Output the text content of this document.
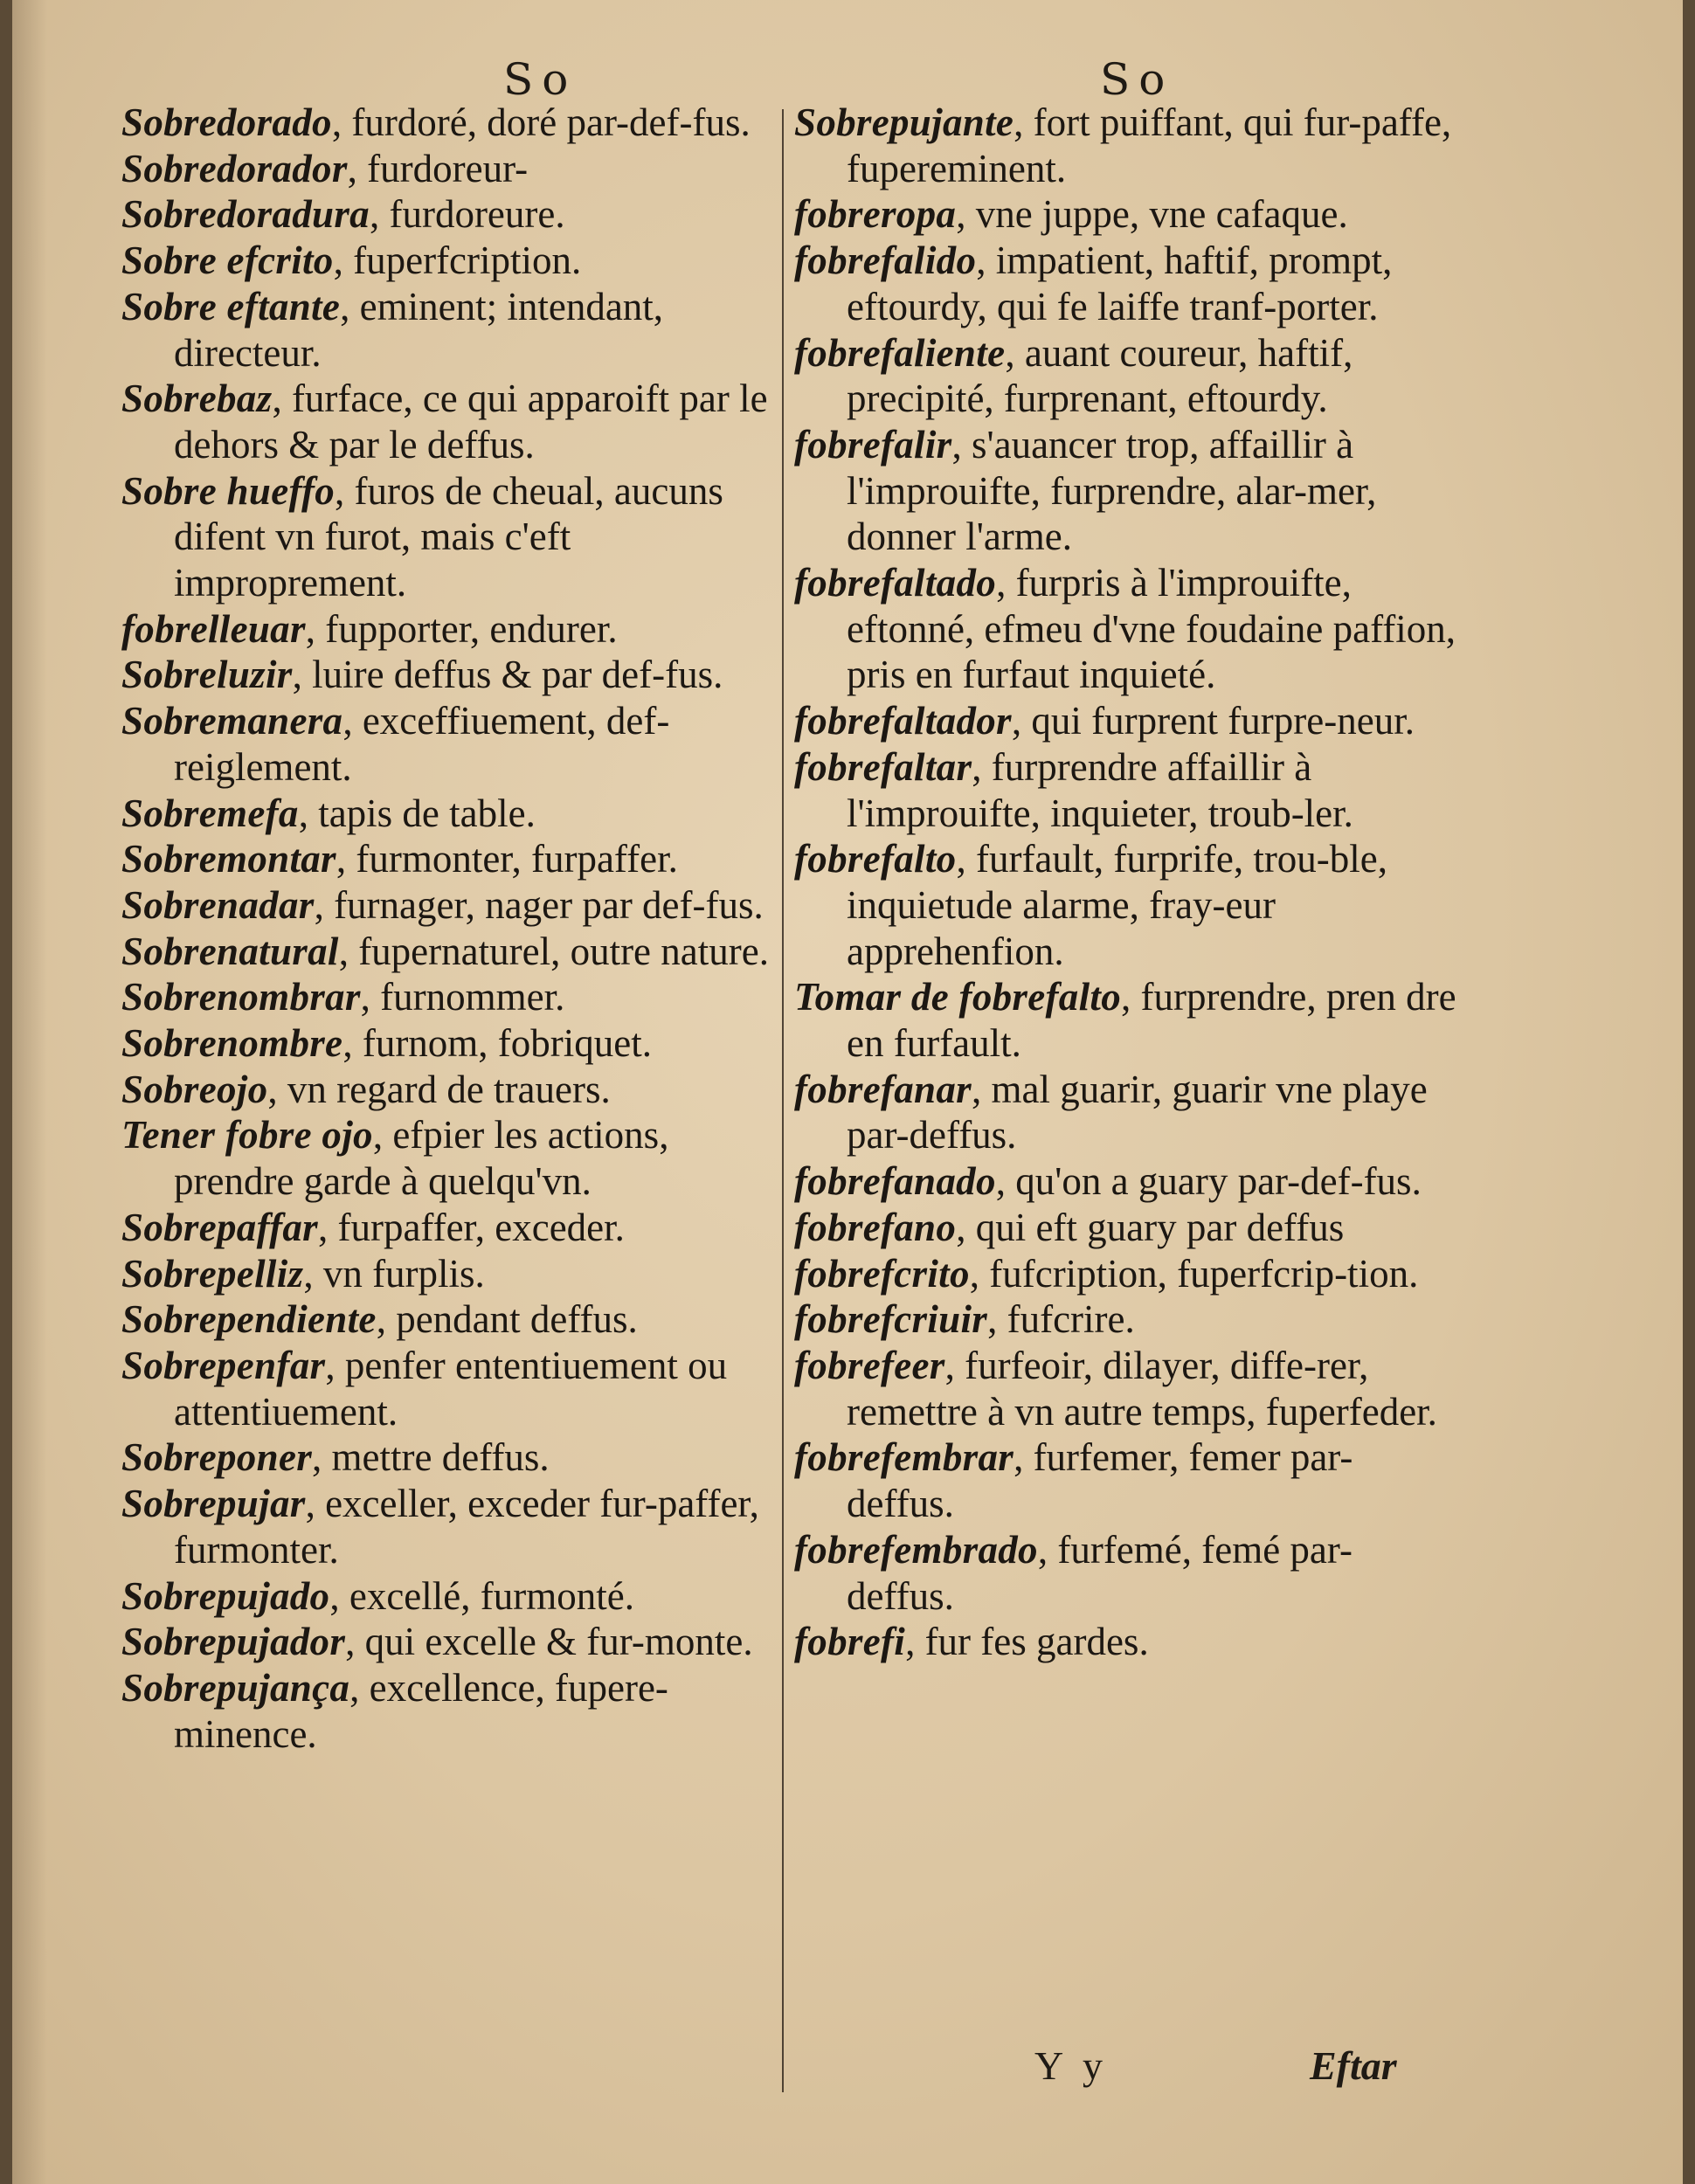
So	So
Sobredorado, furdoré, doré par-def-fus.
Sobredorador, furdoreur-
Sobredoradura, furdoreure.
Sobre efcrito, fuperfcription.
Sobre eftante, eminent; intendant, directeur.
Sobrebaz, furface, ce qui apparoift par le dehors & par le deffus.
Sobre hueffo, furos de cheual, aucuns difent vn furot, mais c'eft improprement.
fobrelleuar, fupporter, endurer.
Sobreluzir, luire deffus & par def-fus.
Sobremanera, exceffiuement, def-reiglement.
Sobremefa, tapis de table.
Sobremontar, furmonter, furpaffer.
Sobrenadar, furnager, nager par def-fus.
Sobrenatural, fupernaturel, outre nature.
Sobrenombrar, furnommer.
Sobrenombre, furnom, fobriquet.
Sobreojo, vn regard de trauers.
Tener fobre ojo, efpier les actions, prendre garde à quelqu'vn.
Sobrepaffar, furpaffer, exceder.
Sobrepelliz, vn furplis.
Sobrependiente, pendant deffus.
Sobrepenfar, penfer ententiuement ou attentiuement.
Sobreponer, mettre deffus.
Sobrepujar, exceller, exceder fur-paffer, furmonter.
Sobrepujado, excellé, furmonté.
Sobrepujador, qui excelle & fur-monte.
Sobrepujança, excellence, fupere-minence.
Sobrepujante, fort puiffant, qui fur-paffe, fupereminent.
fobreropa, vne juppe, vne cafaque.
fobrefalido, impatient, haftif, prompt, eftourdy, qui fe laiffe tranf-porter.
fobrefaliente, auant coureur, haftif, precipité, furprenant, eftourdy.
fobrefalir, s'auancer trop, affaillir à l'improuifte, furprendre, alar-mer, donner l'arme.
fobrefaltado, furpris à l'improuifte, eftonné, efmeu d'vne foudaine paffion, pris en furfaut inquieté.
fobrefaltador, qui furprent furpre-neur.
fobrefaltar, furprendre affaillir à l'improuifte, inquieter, troub-ler.
fobrefalto, furfault, furprife, trou-ble, inquietude alarme, fray-eur apprehenfion.
Tomar de fobrefalto, furprendre, pren dre en furfault.
fobrefanar, mal guarir, guarir vne playe par-deffus.
fobrefanado, qu'on a guary par-def-fus.
fobrefano, qui eft guary par deffus
fobrefcrito, fufcription, fuperfcrip-tion.
fobrefcriuir, fufcrire.
fobrefeer, furfeoir, dilayer, diffe-rer, remettre à vn autre temps, fuperfeder.
fobrefembrar, furfemer, femer par-deffus.
fobrefembrado, furfemé, femé par-deffus.
fobrefi, fur fes gardes.
Y y	Eftar
